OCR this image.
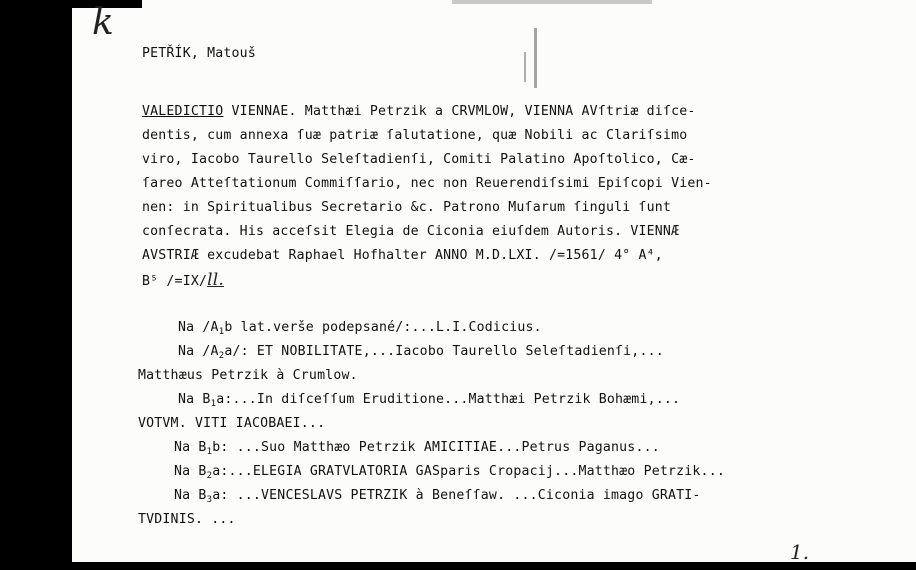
k
1.
PETŘÍK, Matouš
VALEDICTIO VIENNAE. Matthæi Petrzik a CRVMLOW, VIENNA AVſtriæ diſce-
dentis, cum annexa ſuæ patriæ ſalutatione, quæ Nobili ac Clariſsimo
viro, Iacobo Taurello Seleſtadienſi, Comiti Palatino Apoſtolico, Cæ-
ſareo Atteſtationum Commiſſario, nec non Reuerendiſsimi Epiſcopi Vien-
nen: in Spiritualibus Secretario &c. Patrono Muſarum ſinguli ſunt
conſecrata. His acceſsit Elegia de Ciconia eiuſdem Autoris. VIENNÆ
AVSTRIÆ excudebat Raphael Hofhalter ANNO M.D.LXI. /=1561/ 4° A⁴,
B⁵ /=IX/ll.
Na $/A_1b$ lat.verše podepsané/:...L.I.Codicius.
Na $/A_2a/$: ET NOBILITATE,...Iacobo Taurello Seleſtadienſi,...
Matthæus Petrzik à Crumlow.
Na $B_1a:...In$ diſceſſum Eruditione...Matthæi Petrzik Bohæmi,...
VOTVM. VITI IACOBAEI...
Na $B_1b$: ...Suo Matthæo Petrzik AMICITIAE...Petrus Paganus...
Na $B_2a:...ELEGIA$ GRATVLATORIA GASparis Cropacij...Matthæo Petrzik...
Na $B_3a$: ...VENCESLAVS PETRZIK à Beneſſaw. ...Ciconia imago GRATI-
TVDINIS. ...
